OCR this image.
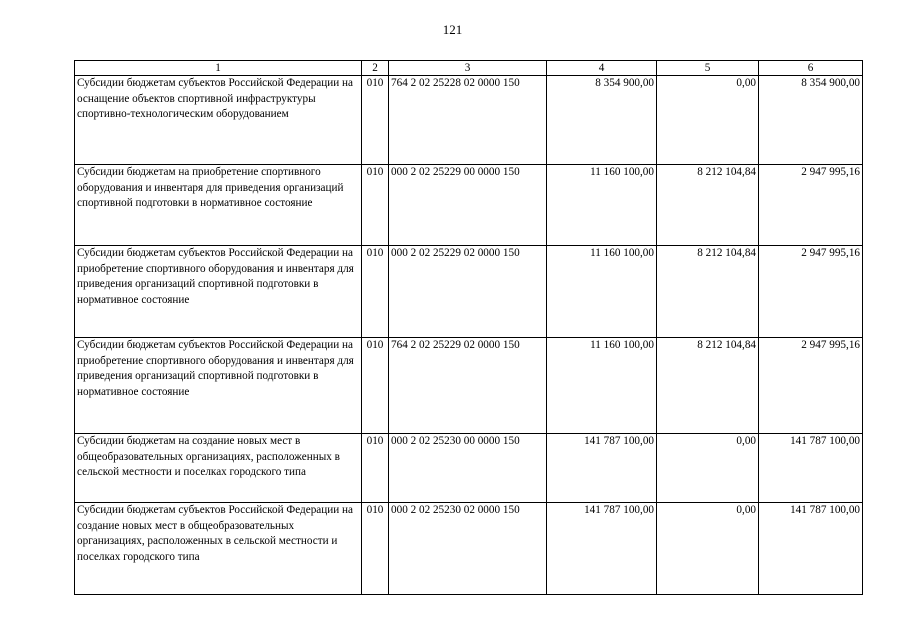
121
1	2	3	4	5	6
Субсидии бюджетам субъектов Российской Федерации на оснащение объектов спортивной инфраструктуры спортивно-технологическим оборудованием	010	764 2 02 25228 02 0000 150	8 354 900,00	0,00	8 354 900,00
Субсидии бюджетам на приобретение спортивного оборудования и инвентаря для приведения организаций спортивной подготовки в нормативное состояние	010	000 2 02 25229 00 0000 150	11 160 100,00	8 212 104,84	2 947 995,16
Субсидии бюджетам субъектов Российской Федерации на приобретение спортивного оборудования и инвентаря для приведения организаций спортивной подготовки в нормативное состояние	010	000 2 02 25229 02 0000 150	11 160 100,00	8 212 104,84	2 947 995,16
Субсидии бюджетам субъектов Российской Федерации на приобретение спортивного оборудования и инвентаря для приведения организаций спортивной подготовки в нормативное состояние	010	764 2 02 25229 02 0000 150	11 160 100,00	8 212 104,84	2 947 995,16
Субсидии бюджетам на создание новых мест в общеобразовательных организациях, расположенных в сельской местности и поселках городского типа	010	000 2 02 25230 00 0000 150	141 787 100,00	0,00	141 787 100,00
Субсидии бюджетам субъектов Российской Федерации на создание новых мест в общеобразовательных организациях, расположенных в сельской местности и поселках городского типа	010	000 2 02 25230 02 0000 150	141 787 100,00	0,00	141 787 100,00
